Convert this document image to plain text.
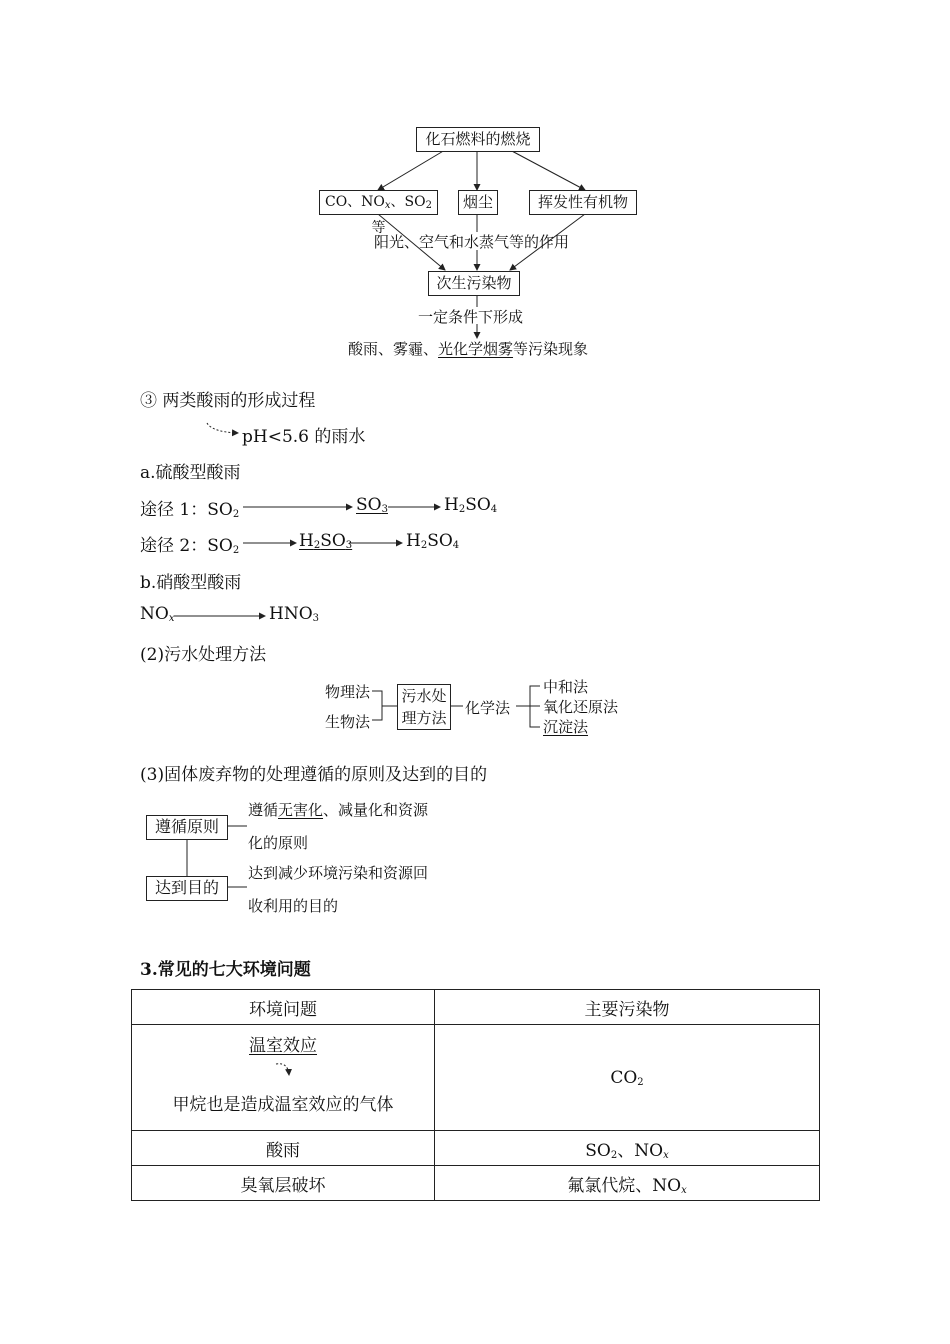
化石燃料的燃烧
CO、$NO_x$、$SO_2$等
烟尘	挥发性有机物
阳光、空气和水蒸气等的作用
次生污染物
一定条件下形成
酸雨、雾霾、光化学烟雾等污染现象
③ 两类酸雨的形成过程
pH<5.6 的雨水
a.硫酸型酸雨
途径 1：$SO_2$	$SO_3$	$H_2SO_4$
途径 2：$SO_2$	$H_2SO_3$	$H_2SO_4$
b.硝酸型酸雨
$NO_x$	$HNO_3$
(2)污水处理方法
物理法
生物法
污水处理方法
化学法
中和法
氧化还原法
沉淀法
(3)固体废弃物的处理遵循的原则及达到的目的
遵循原则
达到目的
遵循无害化、减量化和资源
化的原则
达到减少环境污染和资源回
收利用的目的
3.常见的七大环境问题
环境问题	主要污染物

温室效应
甲烷也是造成温室效应的气体	$CO_2$
酸雨	$SO_2$、$NO_x$
臭氧层破坏	氟氯代烷、$NO_x$
